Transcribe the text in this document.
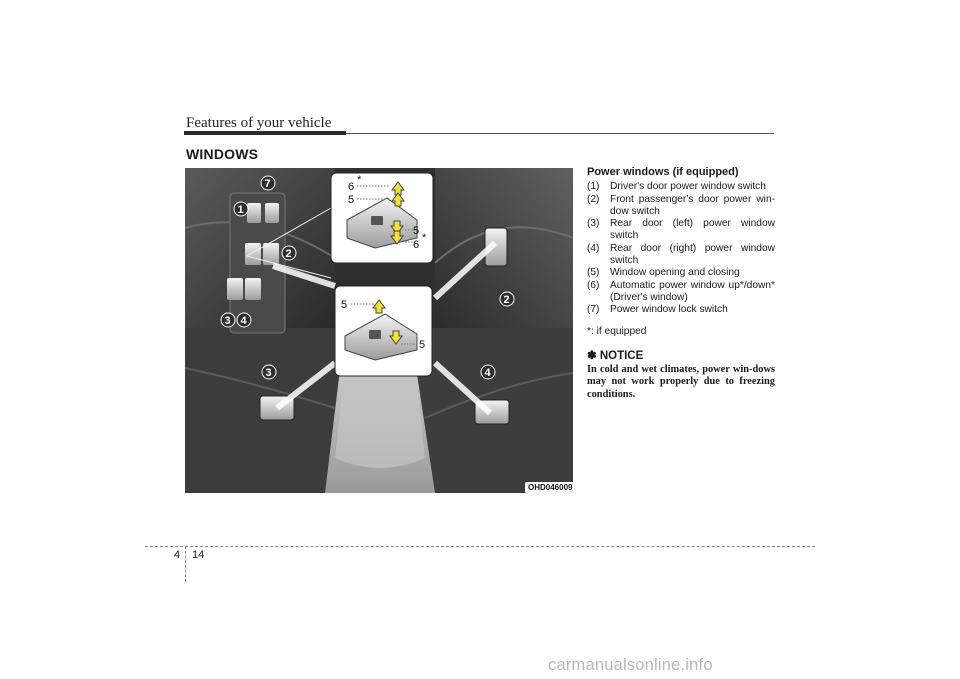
Features of your vehicle
WINDOWS
6
*
5
5
6
*
5
5
7
1
2
3 4
2
3	4
OHD046009
Power windows (if equipped)
(1) Driver's door power window switch
(2) Front passenger's door power win-dow switch
(3) Rear door (left) power window switch
(4) Rear door (right) power window switch
(5) Window opening and closing
(6) Automatic power window up*/down* (Driver's window)
(7) Power window lock switch
*: if equipped
✽ NOTICE
In cold and wet climates, power win-dows may not work properly due to freezing conditions.
4 14
carmanualsonline.info
